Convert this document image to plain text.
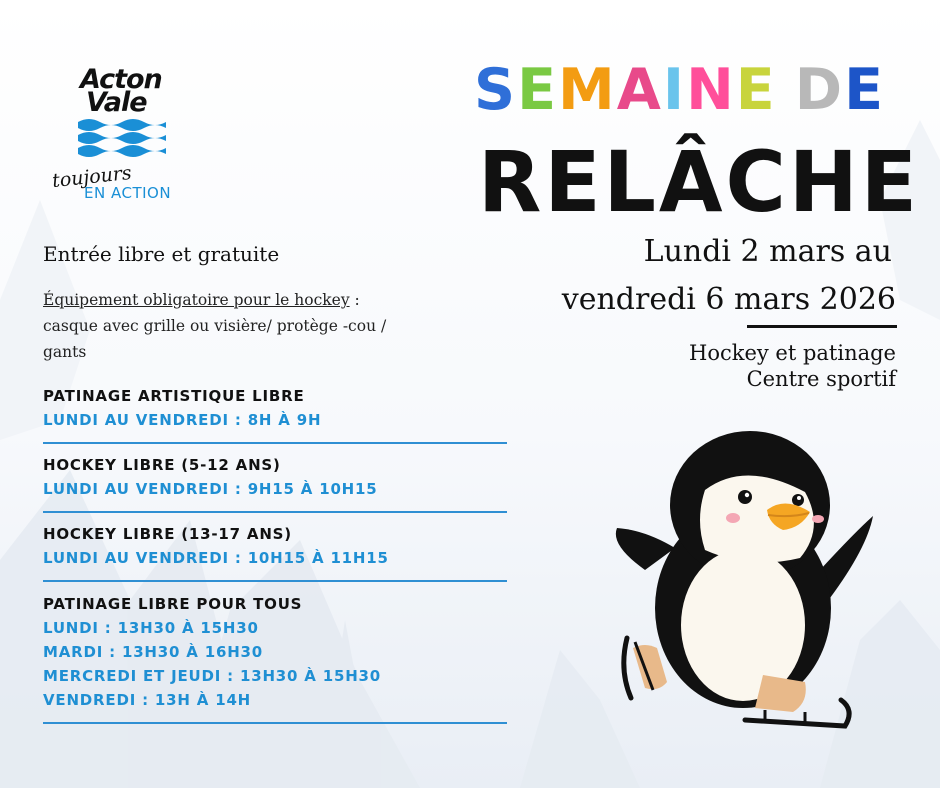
Acton
Vale
toujours
EN ACTION
SEMAINE DE
RELÂCHE
Lundi 2 mars au
vendredi 6 mars 2026
Hockey et patinage
Centre sportif
Entrée libre et gratuite
Équipement obligatoire pour le hockey :
casque avec grille ou visière/ protège -cou / gants
PATINAGE ARTISTIQUE LIBRE
LUNDI AU VENDREDI : 8H À 9H
HOCKEY LIBRE (5-12 ANS)
LUNDI AU VENDREDI : 9H15 À 10H15
HOCKEY LIBRE (13-17 ANS)
LUNDI AU VENDREDI : 10H15 À 11H15
PATINAGE LIBRE POUR TOUS
LUNDI : 13H30 À 15H30
MARDI : 13H30 À 16H30
MERCREDI ET JEUDI : 13H30 À 15H30
VENDREDI : 13H À 14H
